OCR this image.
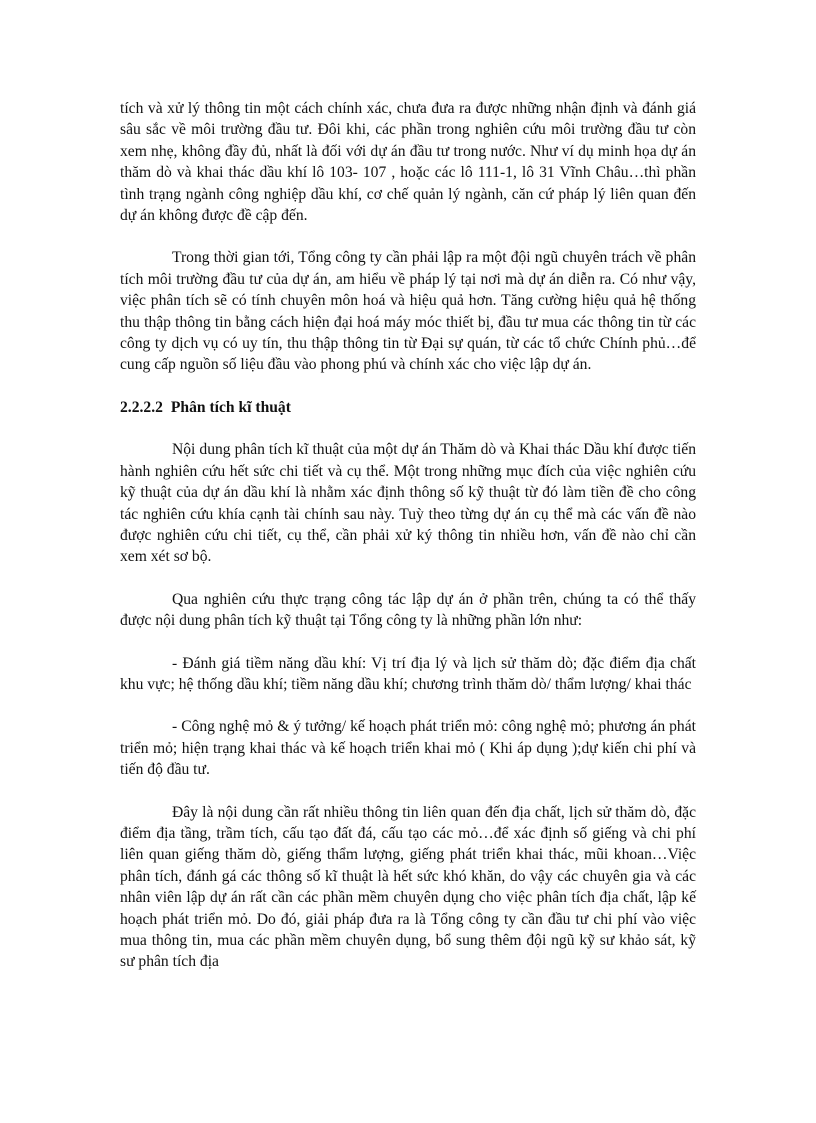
tích và xử lý thông tin một cách chính xác, chưa đưa ra được những nhận định và đánh giá sâu sắc về môi trường đầu tư. Đôi khi, các phần trong nghiên cứu môi trường đầu tư còn xem nhẹ, không đầy đủ, nhất là đối với dự án đầu tư trong nước. Như ví dụ minh họa dự án thăm dò và khai thác dầu khí lô 103- 107 , hoặc các lô 111-1, lô 31 Vĩnh Châu…thì phần tình trạng ngành công nghiệp dầu khí, cơ chế quản lý ngành, căn cứ pháp lý liên quan đến dự án không được đề cập đến.

Trong thời gian tới, Tổng công ty cần phải lập ra một đội ngũ chuyên trách về phân tích môi trường đầu tư của dự án, am hiểu về pháp lý tại nơi mà dự án diễn ra. Có như vậy, việc phân tích sẽ có tính chuyên môn hoá và hiệu quả hơn. Tăng cường hiệu quả hệ thống thu thập thông tin bằng cách hiện đại hoá máy móc thiết bị, đầu tư mua các thông tin từ các công ty dịch vụ có uy tín, thu thập thông tin từ Đại sự quán, từ các tổ chức Chính phủ…để cung cấp nguồn số liệu đầu vào phong phú và chính xác cho việc lập dự án.

2.2.2.2 Phân tích kĩ thuật

Nội dung phân tích kĩ thuật của một dự án Thăm dò và Khai thác Dầu khí được tiến hành nghiên cứu hết sức chi tiết và cụ thể. Một trong những mục đích của việc nghiên cứu kỹ thuật của dự án dầu khí là nhằm xác định thông số kỹ thuật từ đó làm tiền đề cho công tác nghiên cứu khía cạnh tài chính sau này. Tuỳ theo từng dự án cụ thể mà các vấn đề nào được nghiên cứu chi tiết, cụ thể, cần phải xử ký thông tin nhiều hơn, vấn đề nào chỉ cần xem xét sơ bộ.

Qua nghiên cứu thực trạng công tác lập dự án ở phần trên, chúng ta có thể thấy được nội dung phân tích kỹ thuật tại Tổng công ty là những phần lớn như:

- Đánh giá tiềm năng dầu khí: Vị trí địa lý và lịch sử thăm dò; đặc điểm địa chất khu vực; hệ thống dầu khí; tiềm năng dầu khí; chương trình thăm dò/ thẩm lượng/ khai thác

- Công nghệ mỏ & ý tưởng/ kế hoạch phát triển mỏ: công nghệ mỏ; phương án phát triển mỏ; hiện trạng khai thác và kế hoạch triển khai mỏ ( Khi áp dụng );dự kiến chi phí và tiến độ đầu tư.

Đây là nội dung cần rất nhiều thông tin liên quan đến địa chất, lịch sử thăm dò, đặc điểm địa tầng, trầm tích, cấu tạo đất đá, cấu tạo các mỏ…để xác định số giếng và chi phí liên quan giếng thăm dò, giếng thẩm lượng, giếng phát triển khai thác, mũi khoan…Việc phân tích, đánh gá các thông số kĩ thuật là hết sức khó khăn, do vậy các chuyên gia và các nhân viên lập dự án rất cần các phần mềm chuyên dụng cho việc phân tích địa chất, lập kế hoạch phát triển mỏ. Do đó, giải pháp đưa ra là Tổng công ty cần đầu tư chi phí vào việc mua thông tin, mua các phần mềm chuyên dụng, bổ sung thêm đội ngũ kỹ sư khảo sát, kỹ sư phân tích địa
